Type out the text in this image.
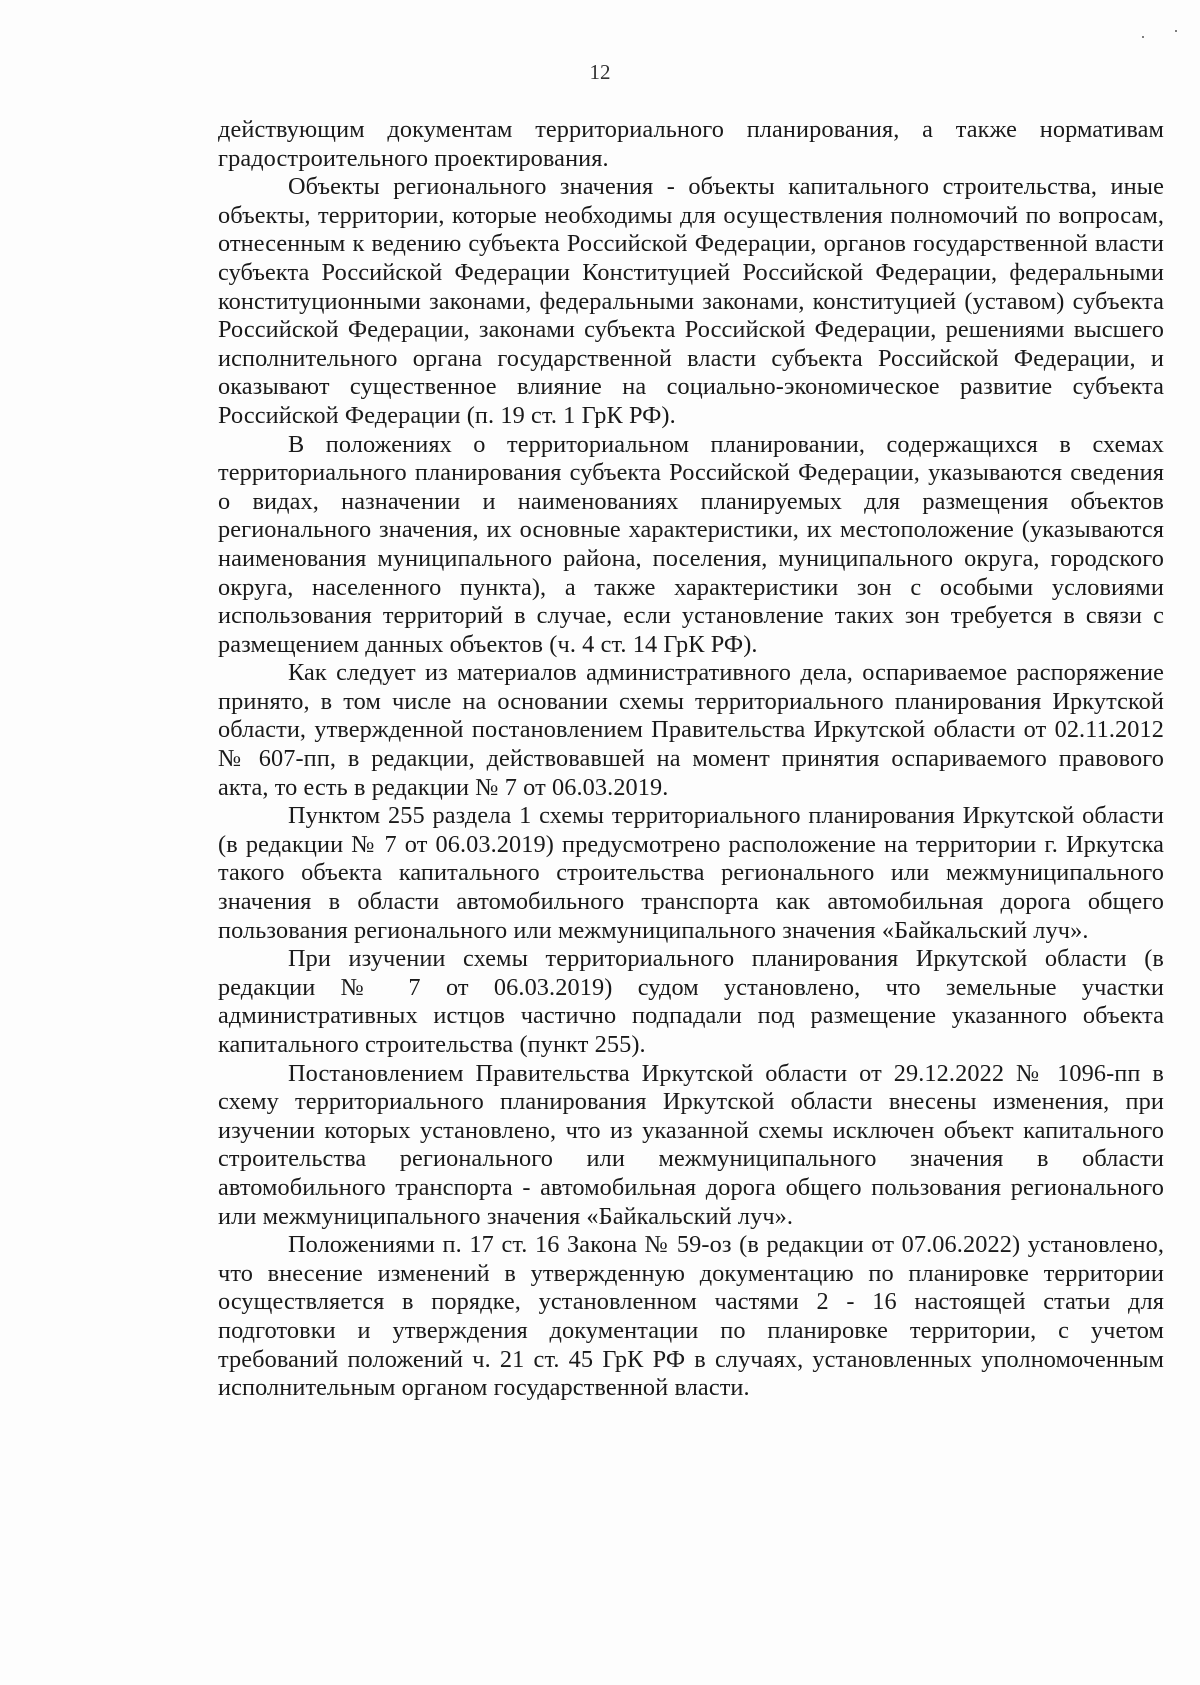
12

действующим документам территориального планирования, а также нормативам градостроительного проектирования.

Объекты регионального значения - объекты капитального строительства, иные объекты, территории, которые необходимы для осуществления полномочий по вопросам, отнесенным к ведению субъекта Российской Федерации, органов государственной власти субъекта Российской Федерации Конституцией Российской Федерации, федеральными конституционными законами, федеральными законами, конституцией (уставом) субъекта Российской Федерации, законами субъекта Российской Федерации, решениями высшего исполнительного органа государственной власти субъекта Российской Федерации, и оказывают существенное влияние на социально-экономическое развитие субъекта Российской Федерации (п. 19 ст. 1 ГрК РФ).

В положениях о территориальном планировании, содержащихся в схемах территориального планирования субъекта Российской Федерации, указываются сведения о видах, назначении и наименованиях планируемых для размещения объектов регионального значения, их основные характеристики, их местоположение (указываются наименования муниципального района, поселения, муниципального округа, городского округа, населенного пункта), а также характеристики зон с особыми условиями использования территорий в случае, если установление таких зон требуется в связи с размещением данных объектов (ч. 4 ст. 14 ГрК РФ).

Как следует из материалов административного дела, оспариваемое распоряжение принято, в том числе на основании схемы территориального планирования Иркутской области, утвержденной постановлением Правительства Иркутской области от 02.11.2012 № 607-пп, в редакции, действовавшей на момент принятия оспариваемого правового акта, то есть в редакции № 7 от 06.03.2019.

Пунктом 255 раздела 1 схемы территориального планирования Иркутской области (в редакции № 7 от 06.03.2019) предусмотрено расположение на территории г. Иркутска такого объекта капитального строительства регионального или межмуниципального значения в области автомобильного транспорта как автомобильная дорога общего пользования регионального или межмуниципального значения «Байкальский луч».

При изучении схемы территориального планирования Иркутской области (в редакции № 7 от 06.03.2019) судом установлено, что земельные участки административных истцов частично подпадали под размещение указанного объекта капитального строительства (пункт 255).

Постановлением Правительства Иркутской области от 29.12.2022 № 1096-пп в схему территориального планирования Иркутской области внесены изменения, при изучении которых установлено, что из указанной схемы исключен объект капитального строительства регионального или межмуниципального значения в области автомобильного транспорта - автомобильная дорога общего пользования регионального или межмуниципального значения «Байкальский луч».

Положениями п. 17 ст. 16 Закона № 59-оз (в редакции от 07.06.2022) установлено, что внесение изменений в утвержденную документацию по планировке территории осуществляется в порядке, установленном частями 2 - 16 настоящей статьи для подготовки и утверждения документации по планировке территории, с учетом требований положений ч. 21 ст. 45 ГрК РФ в случаях, установленных уполномоченным исполнительным органом государственной власти.
